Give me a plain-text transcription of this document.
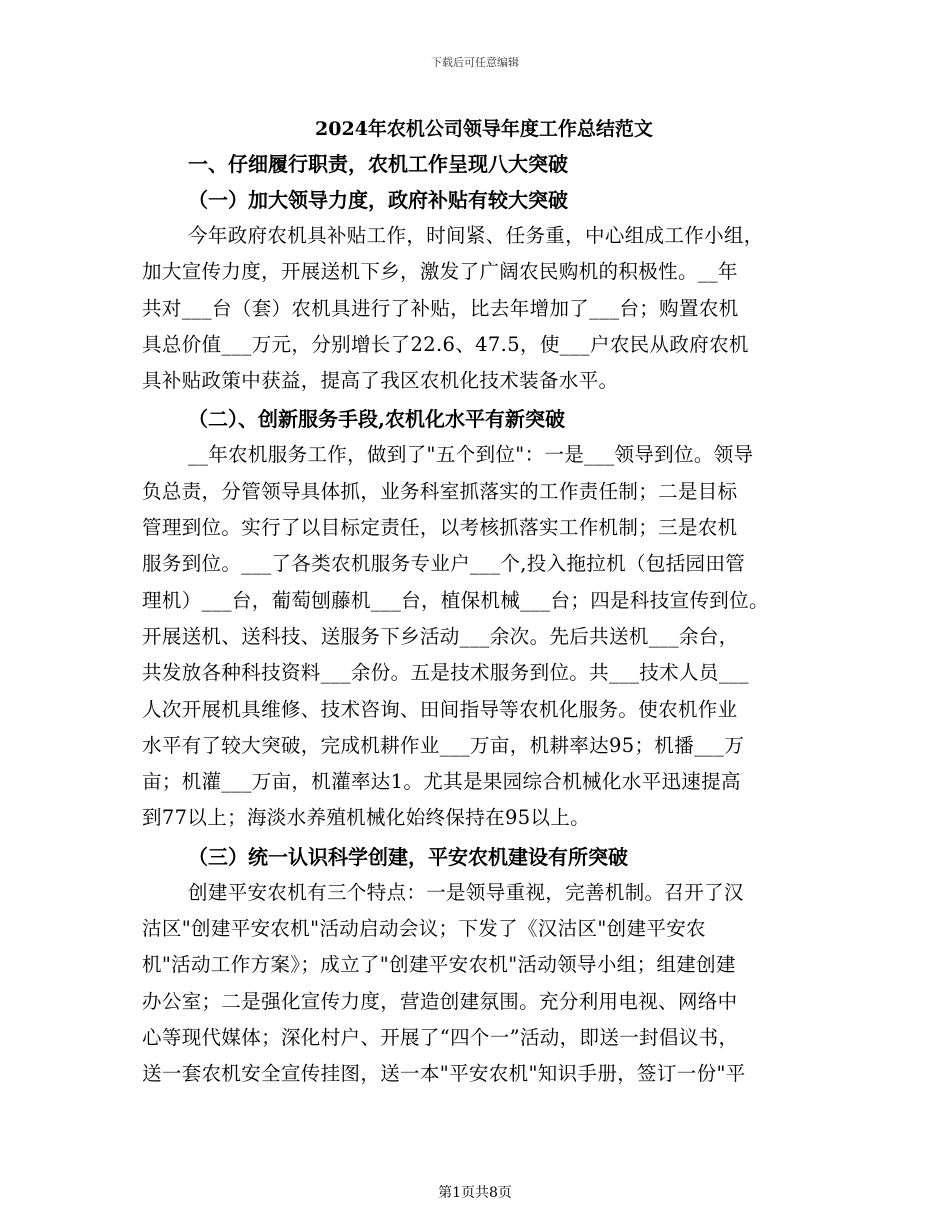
下载后可任意编辑
2024年农机公司领导年度工作总结范文
一、仔细履行职责，农机工作呈现八大突破
（一）加大领导力度，政府补贴有较大突破
今年政府农机具补贴工作，时间紧、任务重，中心组成工作小组，
加大宣传力度，开展送机下乡，激发了广阔农民购机的积极性。__年
共对___台（套）农机具进行了补贴，比去年增加了___台；购置农机
具总价值___万元，分别增长了22.6、47.5，使___户农民从政府农机
具补贴政策中获益，提高了我区农机化技术装备水平。
（二）、创新服务手段,农机化水平有新突破
__年农机服务工作，做到了"五个到位"：一是___领导到位。领导
负总责，分管领导具体抓，业务科室抓落实的工作责任制；二是目标
管理到位。实行了以目标定责任，以考核抓落实工作机制；三是农机
服务到位。___了各类农机服务专业户___个,投入拖拉机（包括园田管
理机）___台，葡萄刨藤机___台，植保机械___台；四是科技宣传到位。
开展送机、送科技、送服务下乡活动___余次。先后共送机___余台，
共发放各种科技资料___余份。五是技术服务到位。共___技术人员___
人次开展机具维修、技术咨询、田间指导等农机化服务。使农机作业
水平有了较大突破，完成机耕作业___万亩，机耕率达95；机播___万
亩；机灌___万亩，机灌率达1。尤其是果园综合机械化水平迅速提高
到77以上；海淡水养殖机械化始终保持在95以上。
（三）统一认识科学创建，平安农机建设有所突破
创建平安农机有三个特点：一是领导重视，完善机制。召开了汉
沽区"创建平安农机"活动启动会议；下发了《汉沽区"创建平安农
机"活动工作方案》；成立了"创建平安农机"活动领导小组；组建创建
办公室；二是强化宣传力度，营造创建氛围。充分利用电视、网络中
心等现代媒体；深化村户、开展了“四个一”活动，即送一封倡议书，
送一套农机安全宣传挂图，送一本"平安农机"知识手册，签订一份"平
第1页共8页
